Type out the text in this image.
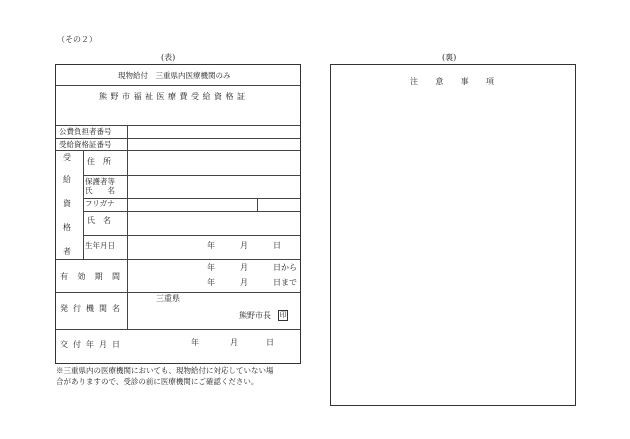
（その２）
(表)
現物給付　三重県内医療機関のみ
熊 野 市 福 祉 医 療 費 受 給 資 格 証
公費負担者番号
受給資格証番号
受
給
資
格
者
住　所
保護者等
氏　　名
フリガナ
氏　名
生年月日	年	月	日
有 効 期 間
年	月	日から
年	月	日まで
発 行 機 関 名
三重県
熊野市長 印
交 付 年 月 日	年	月	日
※三重県内の医療機関においても、現物給付に対応していない場
合がありますので、受診の前に医療機関にご確認ください。
(裏)
注 意 事 項
